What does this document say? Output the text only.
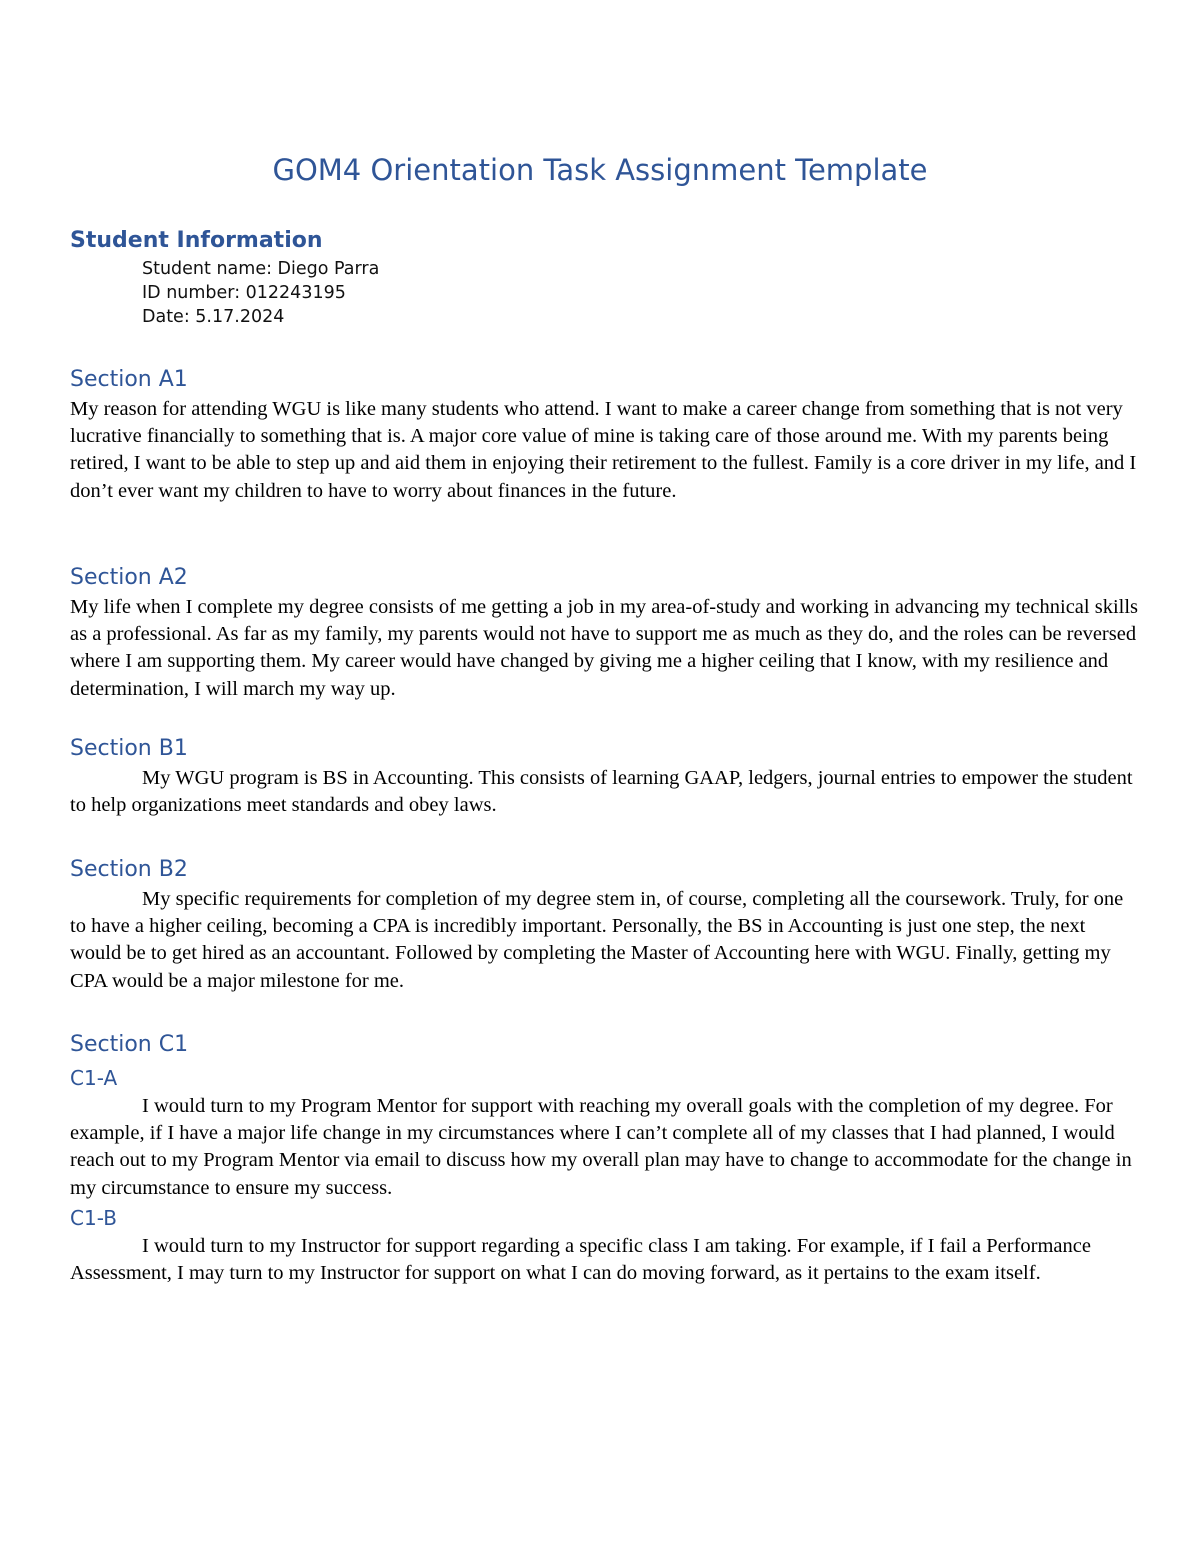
GOM4 Orientation Task Assignment Template
Student Information

Student name: Diego Parra

ID number: 012243195

Date: 5.17.2024

Section A1

My reason for attending WGU is like many students who attend. I want to make a career change from something that is not very lucrative financially to something that is. A major core value of mine is taking care of those around me. With my parents being retired, I want to be able to step up and aid them in enjoying their retirement to the fullest. Family is a core driver in my life, and I don’t ever want my children to have to worry about finances in the future.

Section A2

My life when I complete my degree consists of me getting a job in my area-of-study and working in advancing my technical skills as a professional. As far as my family, my parents would not have to support me as much as they do, and the roles can be reversed where I am supporting them. My career would have changed by giving me a higher ceiling that I know, with my resilience and determination, I will march my way up.

Section B1

My WGU program is BS in Accounting. This consists of learning GAAP, ledgers, journal entries to empower the student to help organizations meet standards and obey laws.

Section B2

My specific requirements for completion of my degree stem in, of course, completing all the coursework. Truly, for one to have a higher ceiling, becoming a CPA is incredibly important. Personally, the BS in Accounting is just one step, the next would be to get hired as an accountant. Followed by completing the Master of Accounting here with WGU. Finally, getting my CPA would be a major milestone for me.

Section C1
C1-A

I would turn to my Program Mentor for support with reaching my overall goals with the completion of my degree. For example, if I have a major life change in my circumstances where I can’t complete all of my classes that I had planned, I would reach out to my Program Mentor via email to discuss how my overall plan may have to change to accommodate for the change in my circumstance to ensure my success.

C1-B

I would turn to my Instructor for support regarding a specific class I am taking. For example, if I fail a Performance Assessment, I may turn to my Instructor for support on what I can do moving forward, as it pertains to the exam itself.
